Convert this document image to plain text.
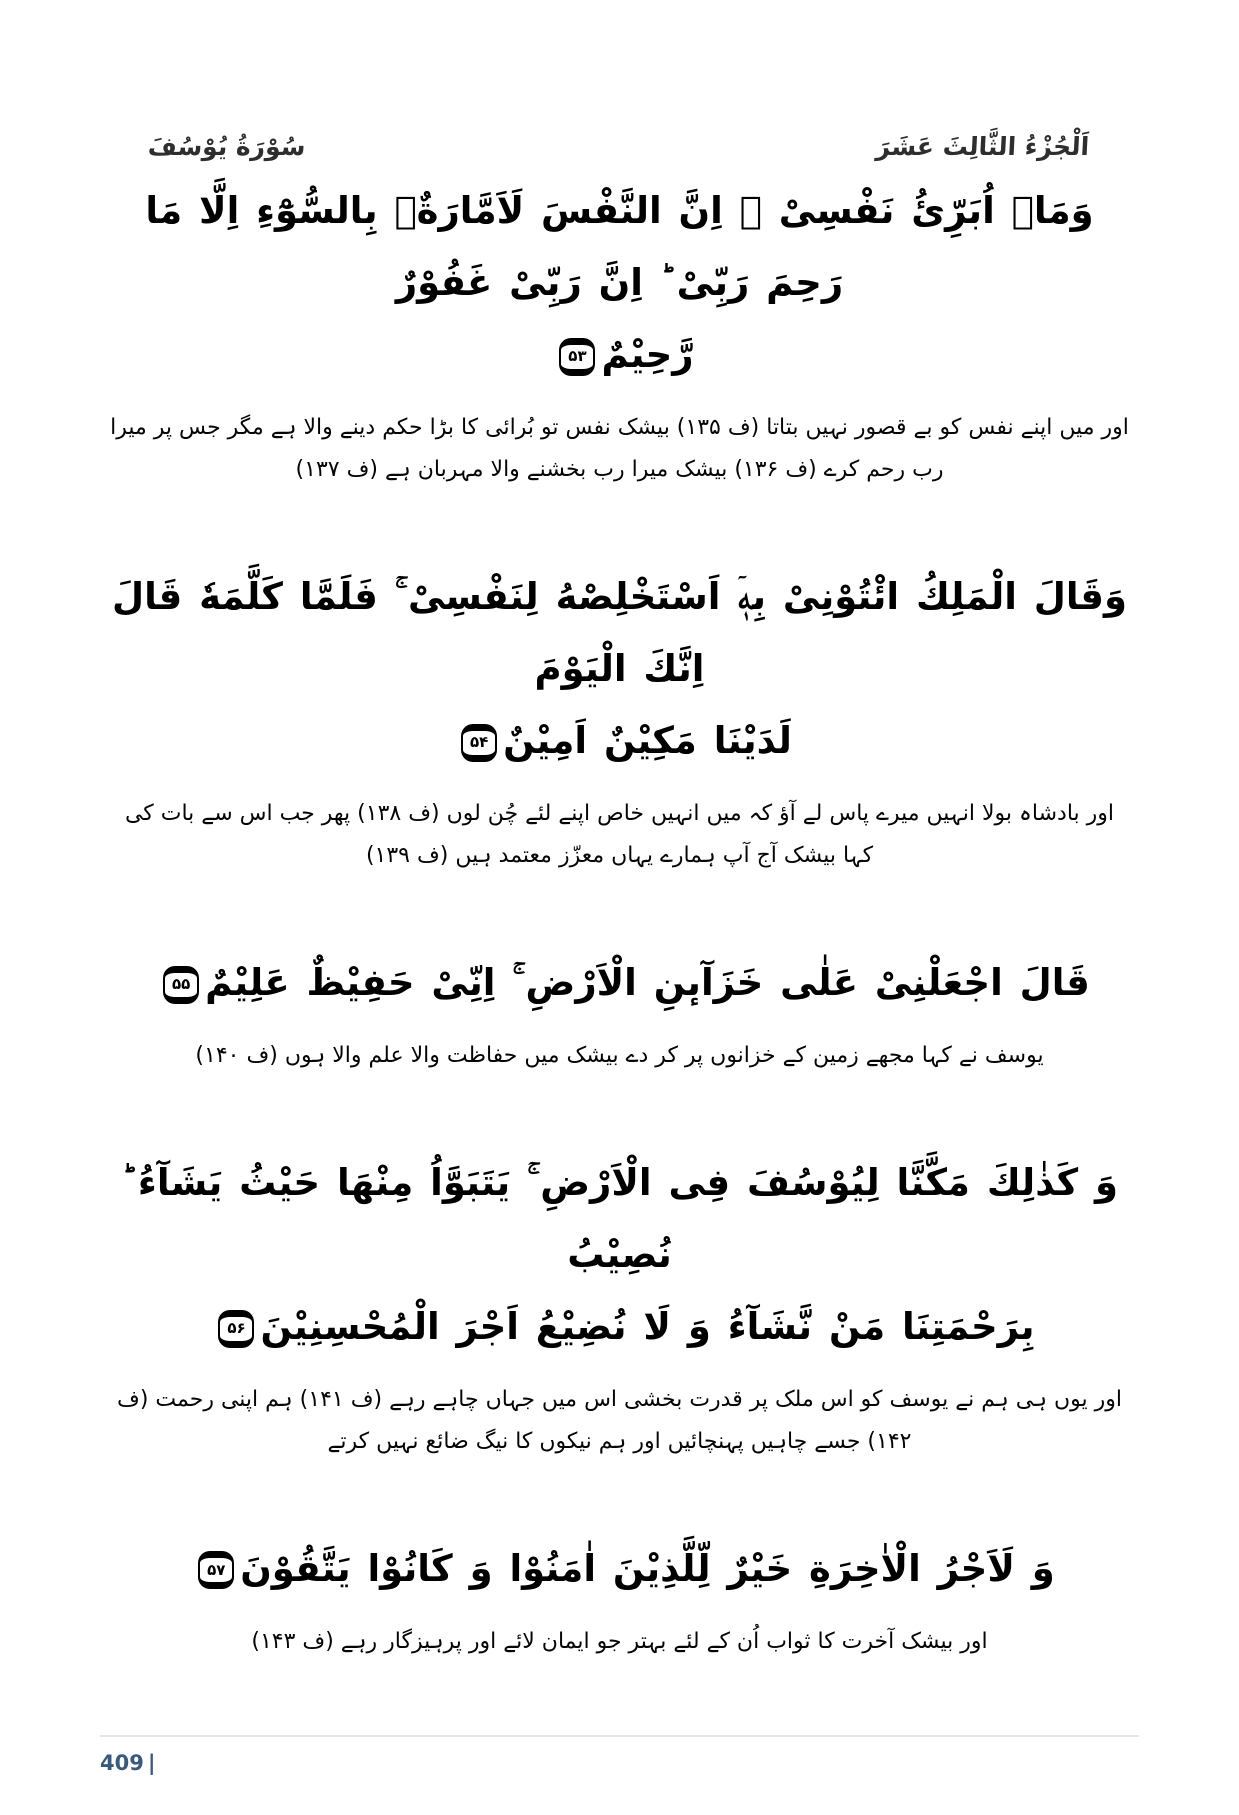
سُوْرَةُ يُوْسُفَ	اَلْجُزْءُ الثَّالِثَ عَشَرَ
وَمَاۤ اُبَرِّئُ نَفْسِیْ ۚ اِنَّ النَّفْسَ لَاَمَّارَةٌۢ بِالسُّوْٓءِ اِلَّا مَا رَحِمَ رَبِّیْ ؕ اِنَّ رَبِّیْ غَفُوْرٌ
رَّحِیْمٌ۵۳
اور میں اپنے نفس کو بے قصور نہیں بتاتا (ف ۱۳۵) بیشک نفس تو بُرائی کا بڑا حکم دینے والا ہے مگر جس پر میرا رب رحم کرے (ف ۱۳۶) بیشک میرا رب بخشنے والا مہربان ہے (ف ۱۳۷)
وَقَالَ الْمَلِكُ ائْتُوْنِیْ بِهٖۤ اَسْتَخْلِصْهُ لِنَفْسِیْ ۚ فَلَمَّا كَلَّمَهٗ قَالَ اِنَّكَ الْیَوْمَ
لَدَیْنَا مَكِیْنٌ اَمِیْنٌ۵۴
اور بادشاہ بولا انہیں میرے پاس لے آؤ کہ میں انہیں خاص اپنے لئے چُن لوں (ف ۱۳۸) پھر جب اس سے بات کی کہا بیشک آج آپ ہمارے یہاں معزّز معتمد ہیں (ف ۱۳۹)
قَالَ اجْعَلْنِیْ عَلٰی خَزَآىٕنِ الْاَرْضِ ۚ اِنِّیْ حَفِیْظٌ عَلِیْمٌ۵۵
یوسف نے کہا مجھے زمین کے خزانوں پر کر دے بیشک میں حفاظت والا علم والا ہوں (ف ۱۴۰)
وَ كَذٰلِكَ مَكَّنَّا لِیُوْسُفَ فِی الْاَرْضِ ۚ یَتَبَوَّاُ مِنْهَا حَیْثُ یَشَآءُ ؕ نُصِیْبُ
بِرَحْمَتِنَا مَنْ نَّشَآءُ وَ لَا نُضِیْعُ اَجْرَ الْمُحْسِنِیْنَ۵۶
اور یوں ہی ہم نے یوسف کو اس ملک پر قدرت بخشی اس میں جہاں چاہے رہے (ف ۱۴۱) ہم اپنی رحمت (ف ۱۴۲) جسے چاہیں پہنچائیں اور ہم نیکوں کا نیگ ضائع نہیں کرتے
وَ لَاَجْرُ الْاٰخِرَةِ خَیْرٌ لِّلَّذِیْنَ اٰمَنُوْا وَ كَانُوْا یَتَّقُوْنَ۵۷
اور بیشک آخرت کا ثواب اُن کے لئے بہتر جو ایمان لائے اور پرہیزگار رہے (ف ۱۴۳)
409 |
